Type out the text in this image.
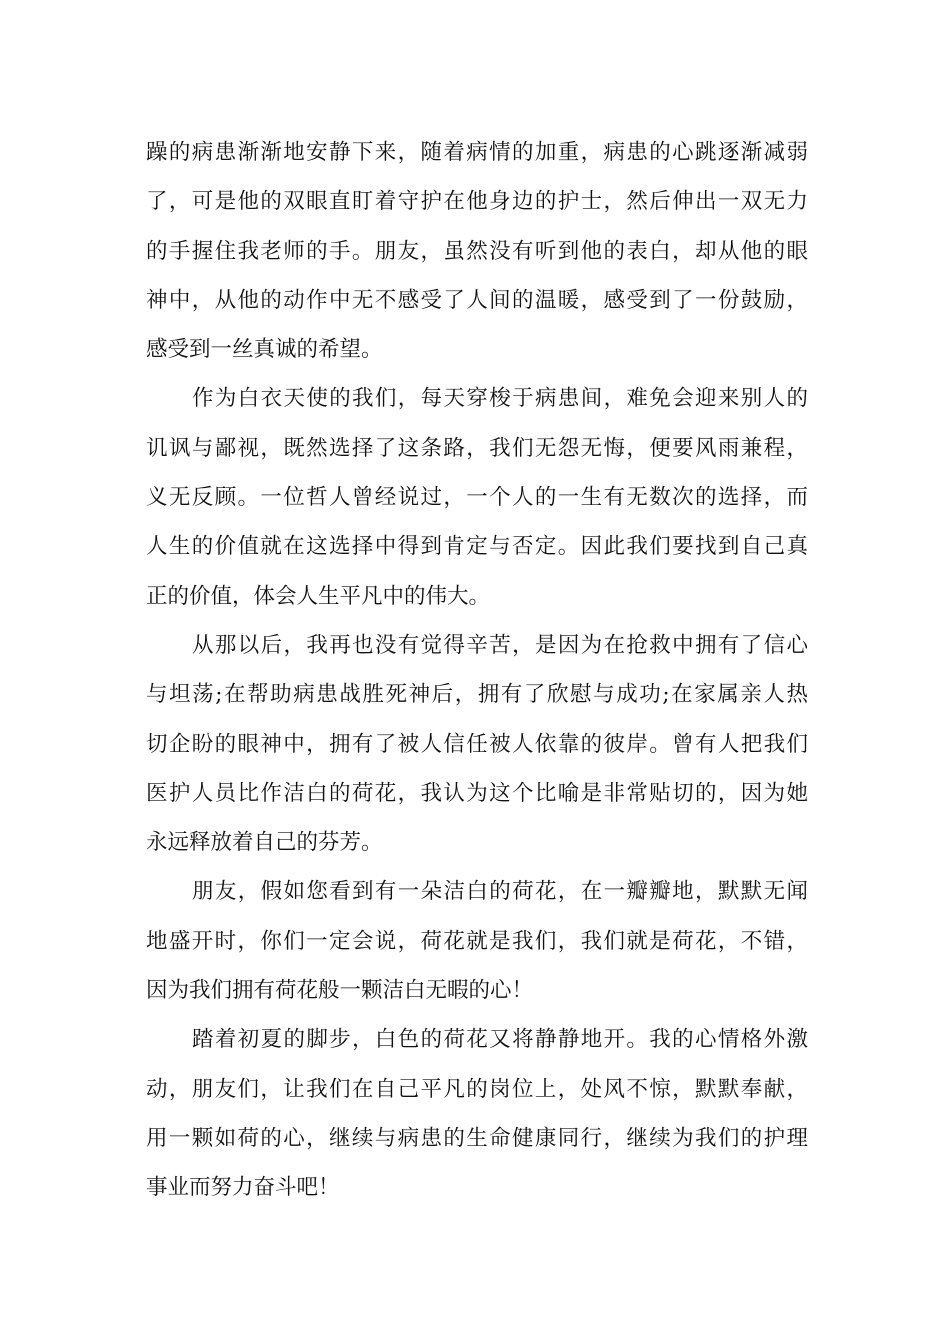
躁的病患渐渐地安静下来，随着病情的加重，病患的心跳逐渐减弱
了，可是他的双眼直盯着守护在他身边的护士，然后伸出一双无力
的手握住我老师的手。朋友，虽然没有听到他的表白，却从他的眼
神中，从他的动作中无不感受了人间的温暖，感受到了一份鼓励，
感受到一丝真诚的希望。
作为白衣天使的我们，每天穿梭于病患间，难免会迎来别人的
讥讽与鄙视，既然选择了这条路，我们无怨无悔，便要风雨兼程，
义无反顾。一位哲人曾经说过，一个人的一生有无数次的选择，而
人生的价值就在这选择中得到肯定与否定。因此我们要找到自己真
正的价值，体会人生平凡中的伟大。
从那以后，我再也没有觉得辛苦，是因为在抢救中拥有了信心
与坦荡;在帮助病患战胜死神后，拥有了欣慰与成功;在家属亲人热
切企盼的眼神中，拥有了被人信任被人依靠的彼岸。曾有人把我们
医护人员比作洁白的荷花，我认为这个比喻是非常贴切的，因为她
永远释放着自己的芬芳。
朋友，假如您看到有一朵洁白的荷花，在一瓣瓣地，默默无闻
地盛开时，你们一定会说，荷花就是我们，我们就是荷花，不错，
因为我们拥有荷花般一颗洁白无暇的心！
踏着初夏的脚步，白色的荷花又将静静地开。我的心情格外激
动，朋友们，让我们在自己平凡的岗位上，处风不惊，默默奉献，
用一颗如荷的心，继续与病患的生命健康同行，继续为我们的护理
事业而努力奋斗吧！
